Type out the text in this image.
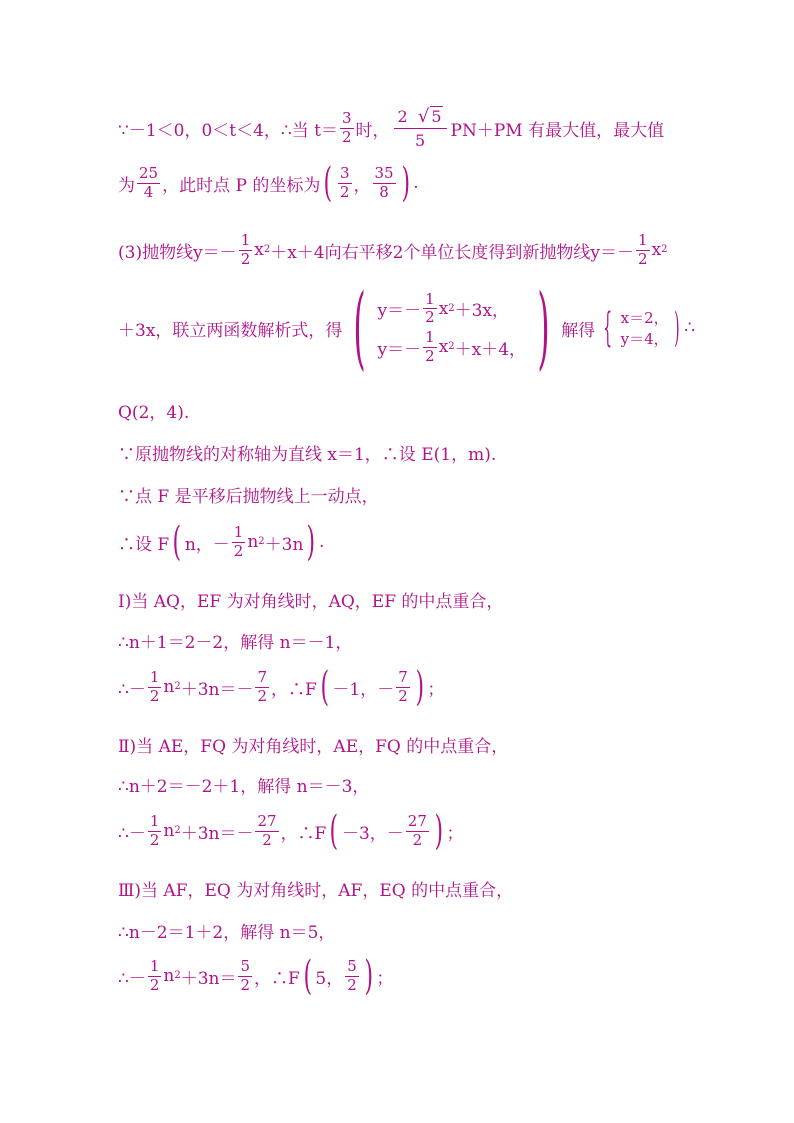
∵－1＜0，0＜t＜4，∴当 $t= \frac{3}{2}$ 时， $\frac{2 √ 5}{5} PN+PM$ 有最大值，最大值
为 $\frac{25}{4}$ ，此时点 P 的坐标为 ( $\frac{3}{2}$ ， $\frac{35}{8}$ ) .
(3)抛物线$y=- \frac{1}{2}$ x 2 ＋x＋4向右平移2个单位长度得到新抛物线$y=- \frac{1}{2}$ x 2
＋3x，联立两函数解析式，得 ( $y=- \frac{1}{2}$ x 2 ＋3x，
$y=- \frac{1}{2}$ x 2 ＋x＋4， ) 解得 { x＝2，
y＝4， ) ∴
Q(2，4).
∵原抛物线的对称轴为直线 x＝1，∴设 E(1，m).
∵点 F 是平移后抛物线上一动点，
∴设 F ( n，－ $\frac{1}{2}$ n 2 ＋3n ) .
Ⅰ)当 AQ，EF 为对角线时，AQ，EF 的中点重合，
∴n＋1＝2－2，解得 n＝－1，
∴－ $\frac{1}{2}$ n $2 +3n=- \frac{7}{2}$ ，∴F ( －1，－ $\frac{7}{2}$ ) ；
Ⅱ)当 AE，FQ 为对角线时，AE，FQ 的中点重合，
∴n＋2＝－2＋1，解得 n＝－3，
∴－ $\frac{1}{2}$ n $2 +3n=- \frac{27}{2}$ ，∴F ( －3，－ $\frac{27}{2}$ ) ；
Ⅲ)当 AF，EQ 为对角线时，AF，EQ 的中点重合，
∴n－2＝1＋2，解得 n＝5，
∴－ $\frac{1}{2}$ n $2 +3n= \frac{5}{2}$ ，∴F ( 5， $\frac{5}{2}$ ) ；
